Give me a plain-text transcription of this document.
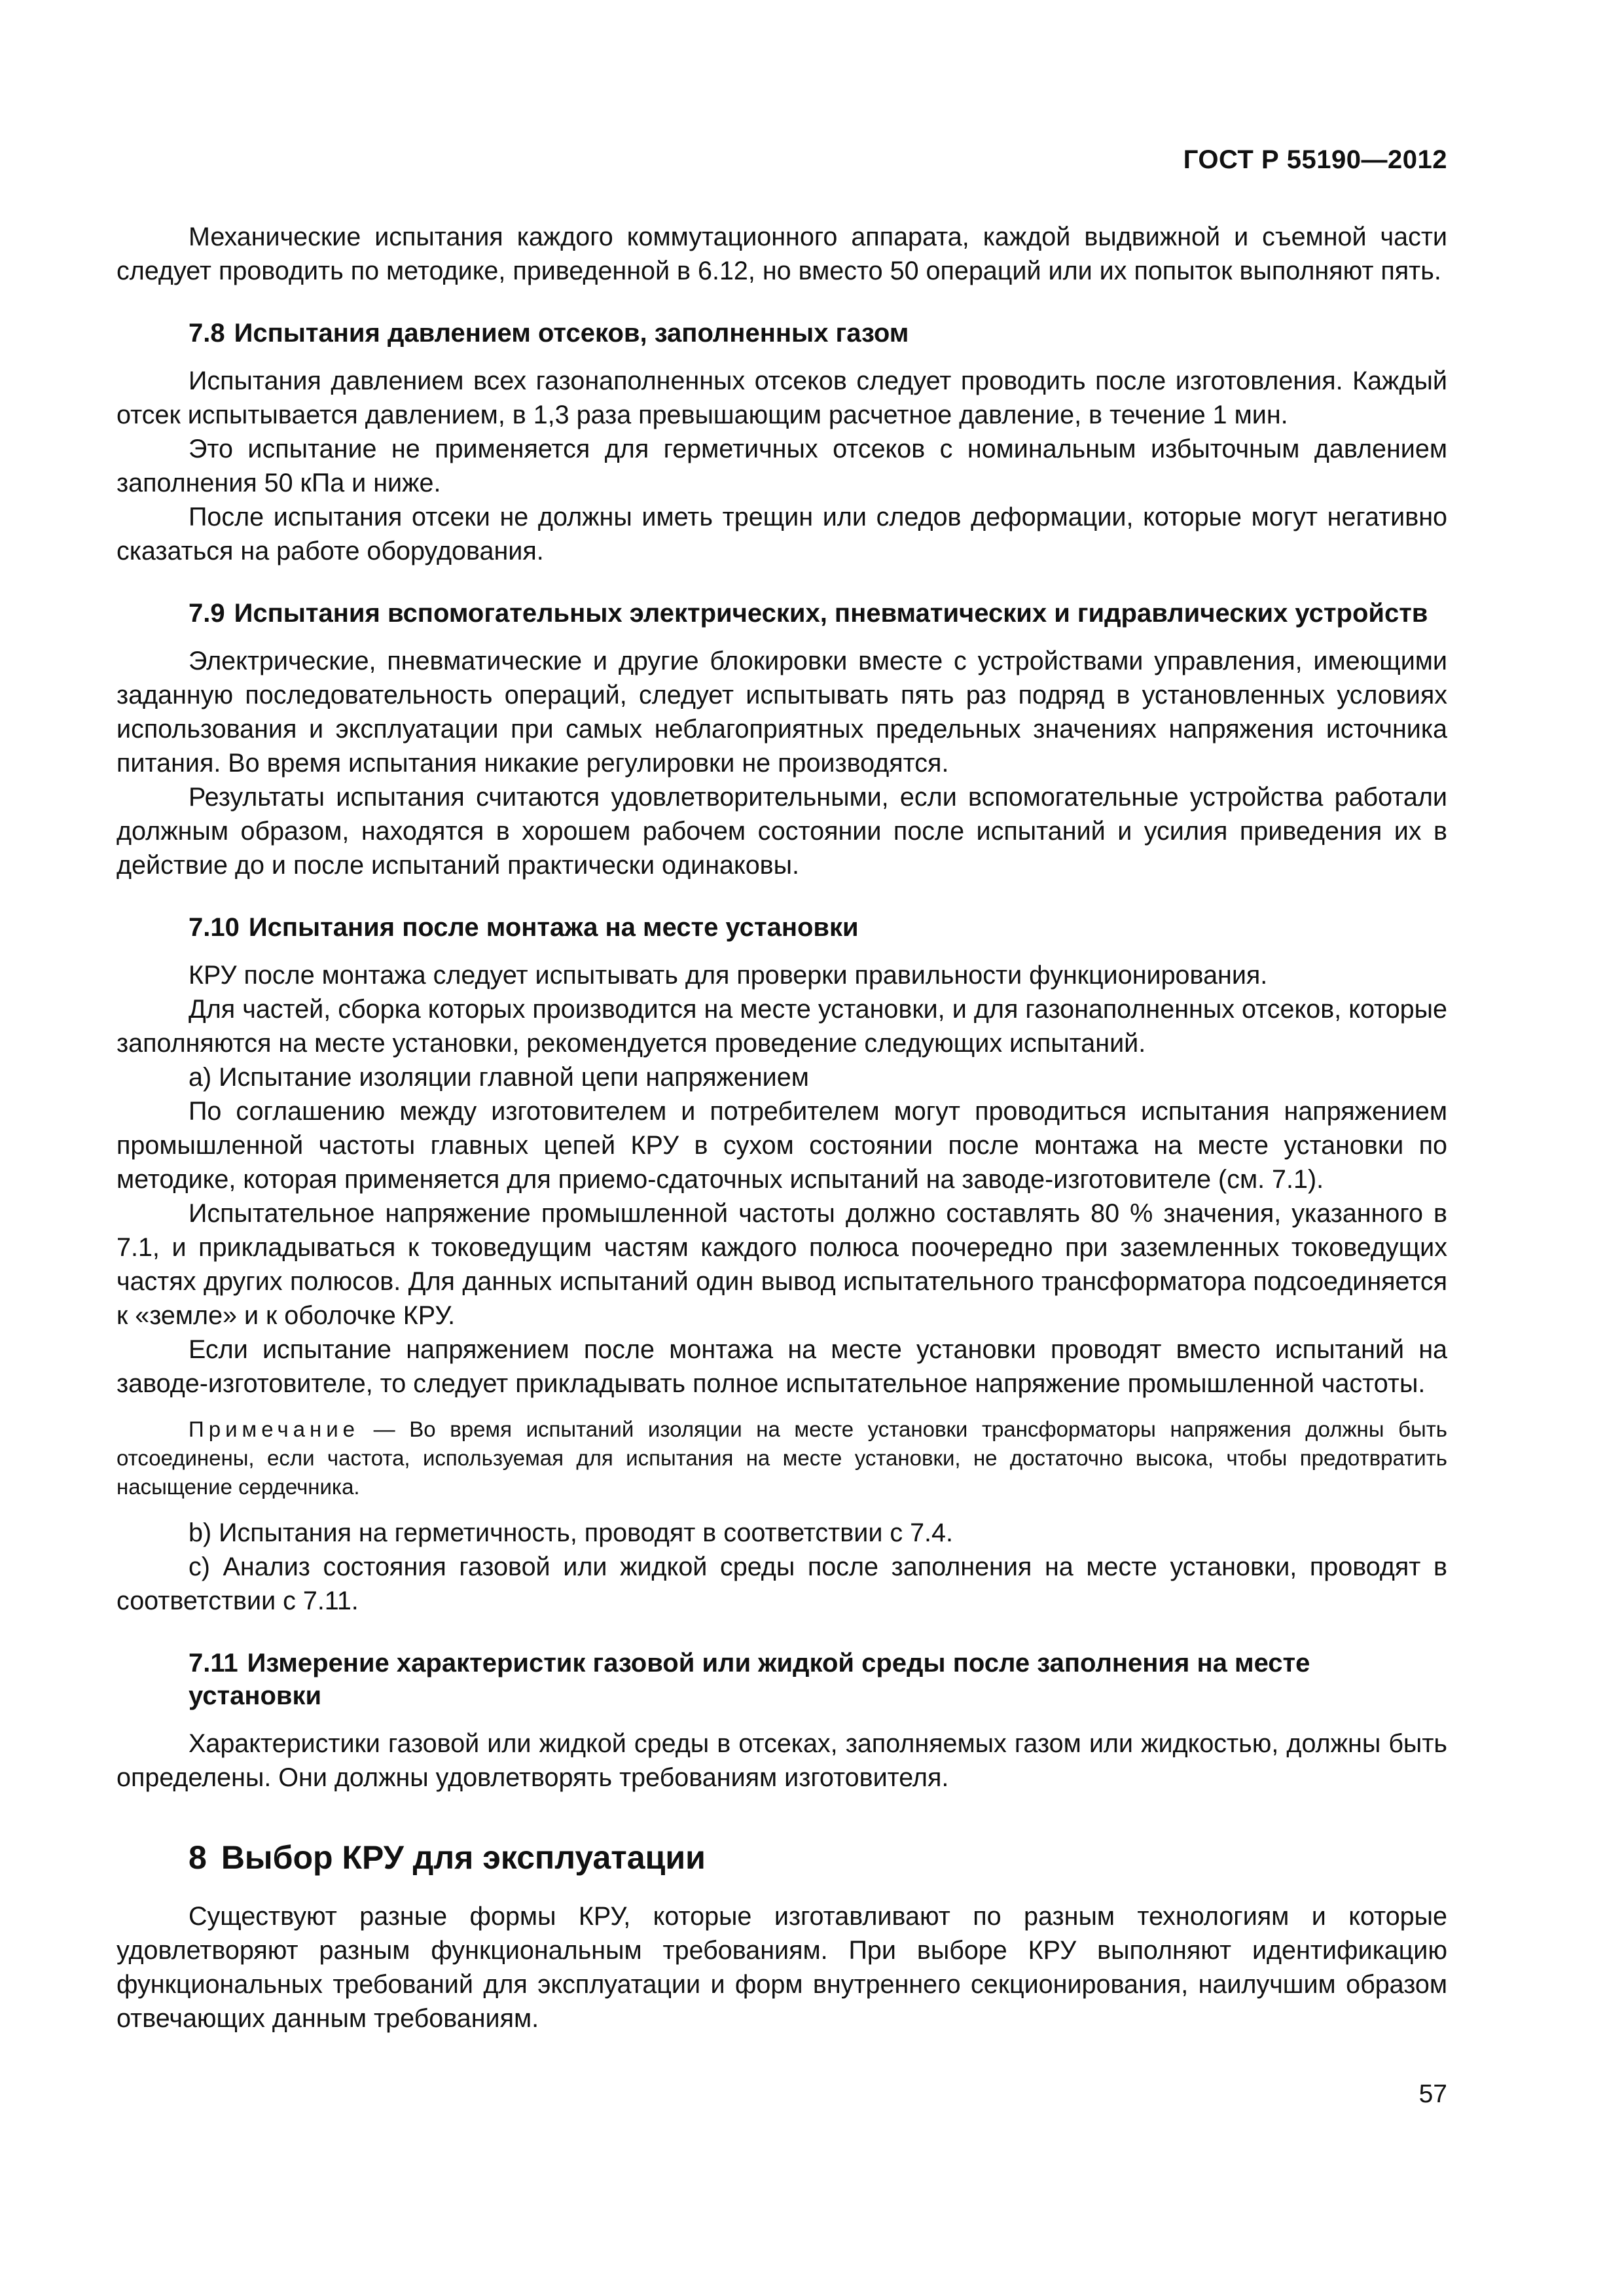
ГОСТ Р 55190—2012

Механические испытания каждого коммутационного аппарата, каждой выдвижной и съемной части следует проводить по методике, приведенной в 6.12, но вместо 50 операций или их попыток выполняют пять.

7.8 Испытания давлением отсеков, заполненных газом

Испытания давлением всех газонаполненных отсеков следует проводить после изготовления. Каждый отсек испытывается давлением, в 1,3 раза превышающим расчетное давление, в течение 1 мин.

Это испытание не применяется для герметичных отсеков с номинальным избыточным давлением заполнения 50 кПа и ниже.

После испытания отсеки не должны иметь трещин или следов деформации, которые могут негативно сказаться на работе оборудования.

7.9 Испытания вспомогательных электрических, пневматических и гидравлических устройств

Электрические, пневматические и другие блокировки вместе с устройствами управления, имеющими заданную последовательность операций, следует испытывать пять раз подряд в установленных условиях использования и эксплуатации при самых неблагоприятных предельных значениях напряжения источника питания. Во время испытания никакие регулировки не производятся.

Результаты испытания считаются удовлетворительными, если вспомогательные устройства работали должным образом, находятся в хорошем рабочем состоянии после испытаний и усилия приведения их в действие до и после испытаний практически одинаковы.

7.10 Испытания после монтажа на месте установки

КРУ после монтажа следует испытывать для проверки правильности функционирования.

Для частей, сборка которых производится на месте установки, и для газонаполненных отсеков, которые заполняются на месте установки, рекомендуется проведение следующих испытаний.

а) Испытание изоляции главной цепи напряжением

По соглашению между изготовителем и потребителем могут проводиться испытания напряжением промышленной частоты главных цепей КРУ в сухом состоянии после монтажа на месте установки по методике, которая применяется для приемо-сдаточных испытаний на заводе-изготовителе (см. 7.1).

Испытательное напряжение промышленной частоты должно составлять 80 % значения, указанного в 7.1, и прикладываться к токоведущим частям каждого полюса поочередно при заземленных токоведущих частях других полюсов. Для данных испытаний один вывод испытательного трансформатора подсоединяется к «земле» и к оболочке КРУ.

Если испытание напряжением после монтажа на месте установки проводят вместо испытаний на заводе-изготовителе, то следует прикладывать полное испытательное напряжение промышленной частоты.

Примечание — Во время испытаний изоляции на месте установки трансформаторы напряжения должны быть отсоединены, если частота, используемая для испытания на месте установки, не достаточно высока, чтобы предотвратить насыщение сердечника.

b) Испытания на герметичность, проводят в соответствии с 7.4.

c) Анализ состояния газовой или жидкой среды после заполнения на месте установки, проводят в соответствии с 7.11.

7.11 Измерение характеристик газовой или жидкой среды после заполнения на месте установки

Характеристики газовой или жидкой среды в отсеках, заполняемых газом или жидкостью, должны быть определены. Они должны удовлетворять требованиям изготовителя.

8 Выбор КРУ для эксплуатации

Существуют разные формы КРУ, которые изготавливают по разным технологиям и которые удовлетворяют разным функциональным требованиям. При выборе КРУ выполняют идентификацию функциональных требований для эксплуатации и форм внутреннего секционирования, наилучшим образом отвечающих данным требованиям.

57
